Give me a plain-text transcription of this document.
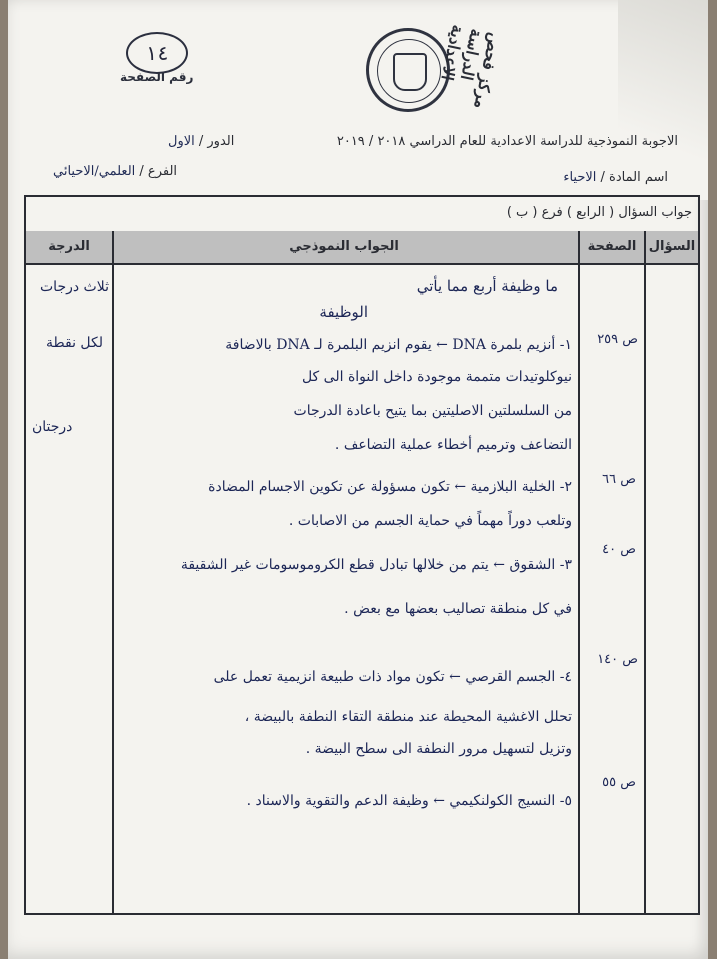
مركز فحص الدراسة الاعدادية
١٤
رقم الصفحة
الاجوبة النموذجية للدراسة الاعدادية للعام الدراسي ٢٠١٨ / ٢٠١٩
الدور / الاول
اسم المادة / الاحياء
الفرع / العلمي/الاحيائي
جواب السؤال ( الرابع ) فرع ( ب )
السؤال
الصفحة
الجواب النموذجي
الدرجة
ما وظيفة أربع مما يأتي
الوظيفة
ص ٢٥٩
١- أنزيم بلمرة DNA ← يقوم انزيم البلمرة لـ DNA بالاضافة
نيوكلوتيدات متممة موجودة داخل النواة الى كل
من السلسلتين الاصليتين بما يتيح باعادة الدرجات
التضاعف وترميم أخطاء عملية التضاعف .
ص ٦٦
٢- الخلية البلازمية ← تكون مسؤولة عن تكوين الاجسام المضادة
وتلعب دوراً مهماً في حماية الجسم من الاصابات .
ص ٤٠
٣- الشقوق ← يتم من خلالها تبادل قطع الكروموسومات غير الشقيقة
في كل منطقة تصاليب بعضها مع بعض .
ص ١٤٠
٤- الجسم القرصي ← تكون مواد ذات طبيعة انزيمية تعمل على
تحلل الاغشية المحيطة عند منطقة التقاء النطفة بالبيضة ،
وتزيل لتسهيل مرور النطفة الى سطح البيضة .
ص ٥٥
٥- النسيج الكولنكيمي ← وظيفة الدعم والتقوية والاسناد .
ثلاث درجات
لكل نقطة
درجتان
